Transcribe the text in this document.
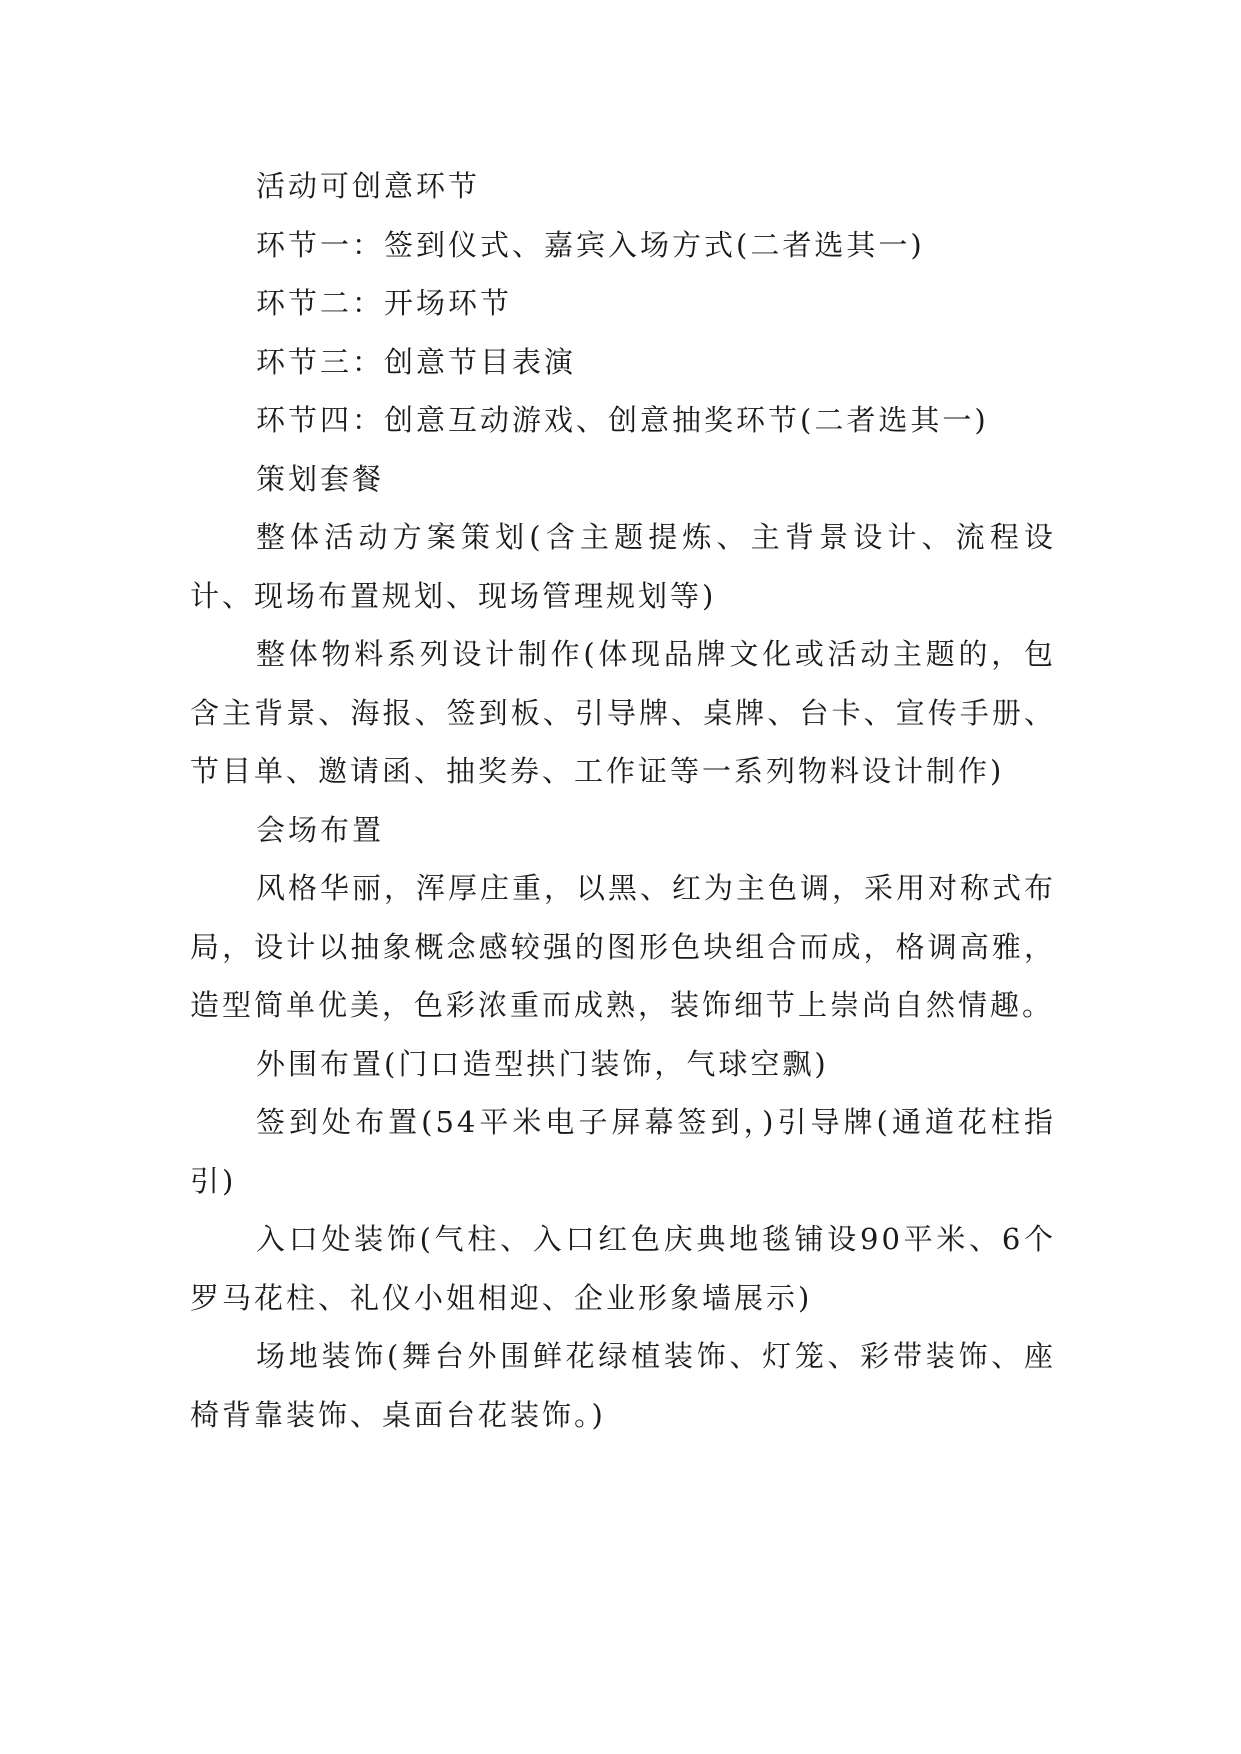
活动可创意环节

环节一：签到仪式、嘉宾入场方式(二者选其一)

环节二：开场环节

环节三：创意节目表演

环节四：创意互动游戏、创意抽奖环节(二者选其一)

策划套餐

整体活动方案策划(含主题提炼、主背景设计、流程设计、现场布置规划、现场管理规划等)

整体物料系列设计制作(体现品牌文化或活动主题的，包含主背景、海报、签到板、引导牌、桌牌、台卡、宣传手册、节目单、邀请函、抽奖券、工作证等一系列物料设计制作)

会场布置

风格华丽，浑厚庄重，以黑、红为主色调，采用对称式布局，设计以抽象概念感较强的图形色块组合而成，格调高雅，造型简单优美，色彩浓重而成熟，装饰细节上崇尚自然情趣。

外围布置(门口造型拱门装饰，气球空飘)

签到处布置(54平米电子屏幕签到，)引导牌(通道花柱指引)

入口处装饰(气柱、入口红色庆典地毯铺设90平米、6个罗马花柱、礼仪小姐相迎、企业形象墙展示)

场地装饰(舞台外围鲜花绿植装饰、灯笼、彩带装饰、座椅背靠装饰、桌面台花装饰。)
